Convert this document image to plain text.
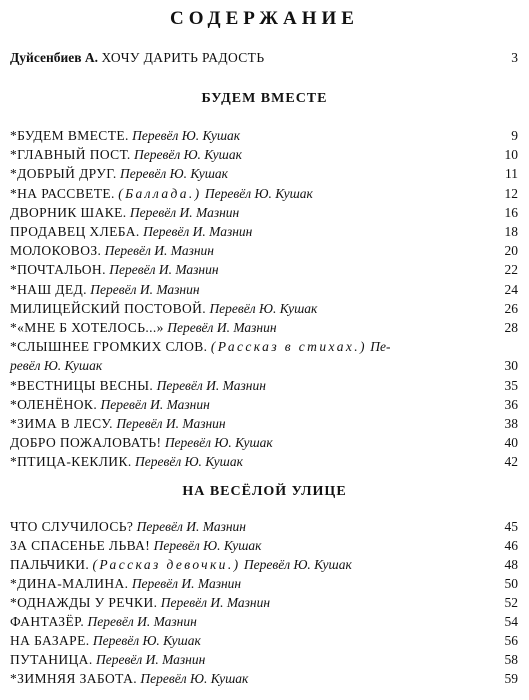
СОДЕРЖАНИЕ
Дуйсенбиев А. ХОЧУ ДАРИТЬ РАДОСТЬ	3
БУДЕМ ВМЕСТЕ
*БУДЕМ ВМЕСТЕ. Перевёл Ю. Кушак	9
*ГЛАВНЫЙ ПОСТ. Перевёл Ю. Кушак	10
*ДОБРЫЙ ДРУГ. Перевёл Ю. Кушак	11
*НА РАССВЕТЕ. (Баллада.) Перевёл Ю. Кушак	12
ДВОРНИК ШАКЕ. Перевёл И. Мазнин	16
ПРОДАВЕЦ ХЛЕБА. Перевёл И. Мазнин	18
МОЛОКОВОЗ. Перевёл И. Мазнин	20
*ПОЧТАЛЬОН. Перевёл И. Мазнин	22
*НАШ ДЕД. Перевёл И. Мазнин	24
МИЛИЦЕЙСКИЙ ПОСТОВОЙ. Перевёл Ю. Кушак	26
*«МНЕ Б ХОТЕЛОСЬ...» Перевёл И. Мазнин	28
*СЛЫШНЕЕ ГРОМКИХ СЛОВ. (Рассказ в стихах.) Пе-
ревёл Ю. Кушак	30
*ВЕСТНИЦЫ ВЕСНЫ. Перевёл И. Мазнин	35
*ОЛЕНЁНОК. Перевёл И. Мазнин	36
*ЗИМА В ЛЕСУ. Перевёл И. Мазнин	38
ДОБРО ПОЖАЛОВАТЬ! Перевёл Ю. Кушак	40
*ПТИЦА-КЕКЛИК. Перевёл Ю. Кушак	42
НА ВЕСЁЛОЙ УЛИЦЕ
ЧТО СЛУЧИЛОСЬ? Перевёл И. Мазнин	45
ЗА СПАСЕНЬЕ ЛЬВА! Перевёл Ю. Кушак	46
ПАЛЬЧИКИ. (Рассказ девочки.) Перевёл Ю. Кушак	48
*ДИНА-МАЛИНА. Перевёл И. Мазнин	50
*ОДНАЖДЫ У РЕЧКИ. Перевёл И. Мазнин	52
ФАНТАЗЁР. Перевёл И. Мазнин	54
НА БАЗАРЕ. Перевёл Ю. Кушак	56
ПУТАНИЦА. Перевёл И. Мазнин	58
*ЗИМНЯЯ ЗАБОТА. Перевёл Ю. Кушак	59
